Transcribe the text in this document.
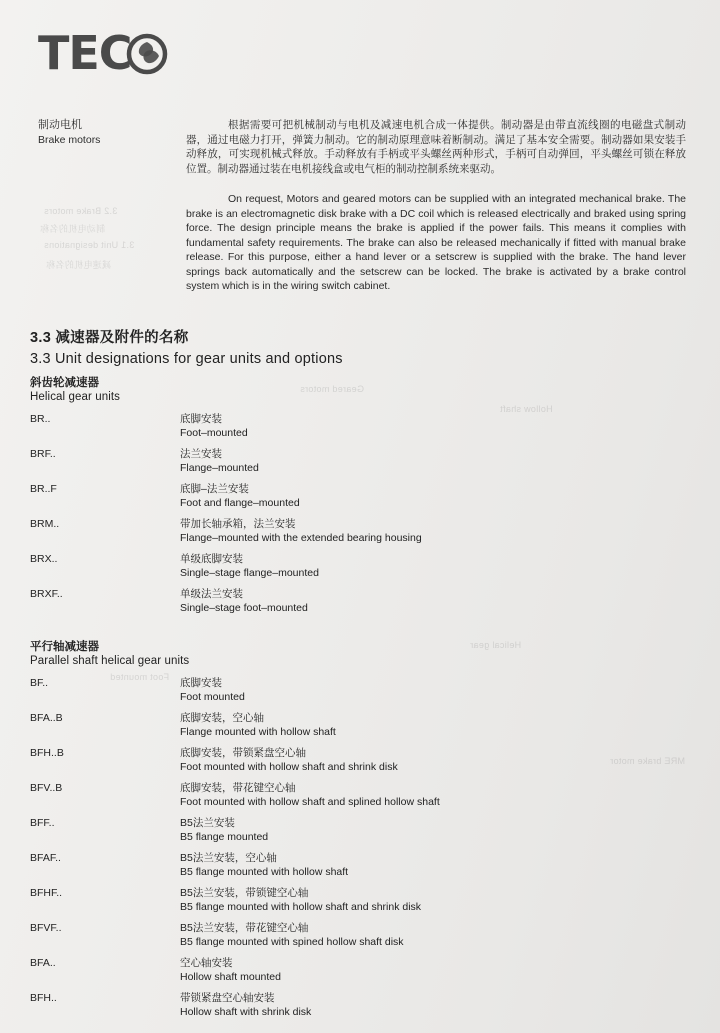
3.2 Brake motors
制动电机的名称
3.1 Unit designations
减速电机的名称
Geared motors
Hollow shaft
MRE brake motor
Foot mounted
Helical gear
TEC
制动电机
Brake motors

根据需要可把机械制动与电机及减速电机合成一体提供。制动器是由带直流线圈的电磁盘式制动器，通过电磁力打开，弹簧力制动。它的制动原理意味着断制动。满足了基本安全需要。制动器如果安装手动释放，可实现机械式释放。手动释放有手柄或平头螺丝两种形式，手柄可自动弹回，平头螺丝可锁在释放位置。制动器通过装在电机接线盒或电气柜的制动控制系统来驱动。

On request, Motors and geared motors can be supplied with an integrated mechanical brake. The brake is an electromagnetic disk brake with a DC coil which is released electrically and braked using spring force. The design principle means the brake is applied if the power fails. This means it complies with fundamental safety requirements. The brake can also be released mechanically if fitted with manual brake release. For this purpose, either a hand lever or a setscrew is supplied with the brake. The hand lever springs back automatically and the setscrew can be locked. The brake is activated by a brake control system which is in the wiring switch cabinet.

3.3 减速器及附件的名称
3.3 Unit designations for gear units and options
斜齿轮减速器
Helical gear units
BR..	底脚安装
Foot–mounted

BRF..	法兰安装
Flange–mounted

BR..F	底脚–法兰安装
Foot and flange–mounted

BRM..	带加长轴承箱，法兰安装
Flange–mounted with the extended bearing housing

BRX..	单级底脚安装
Single–stage flange–mounted

BRXF..	单级法兰安装
Single–stage foot–mounted
平行轴减速器
Parallel shaft helical gear units
BF..	底脚安装
Foot mounted

BFA..B	底脚安装，空心轴
Flange mounted with hollow shaft

BFH..B	底脚安装，带锁紧盘空心轴
Foot mounted with hollow shaft and shrink disk

BFV..B	底脚安装，带花键空心轴
Foot mounted with hollow shaft and splined hollow shaft

BFF..	B5法兰安装
B5 flange mounted

BFAF..	B5法兰安装，空心轴
B5 flange mounted with hollow shaft

BFHF..	B5法兰安装，带锁键空心轴
B5 flange mounted with hollow shaft and shrink disk

BFVF..	B5法兰安装，带花键空心轴
B5 flange mounted with spined hollow shaft disk

BFA..	空心轴安装
Hollow shaft mounted

BFH..	带锁紧盘空心轴安装
Hollow shaft with shrink disk
